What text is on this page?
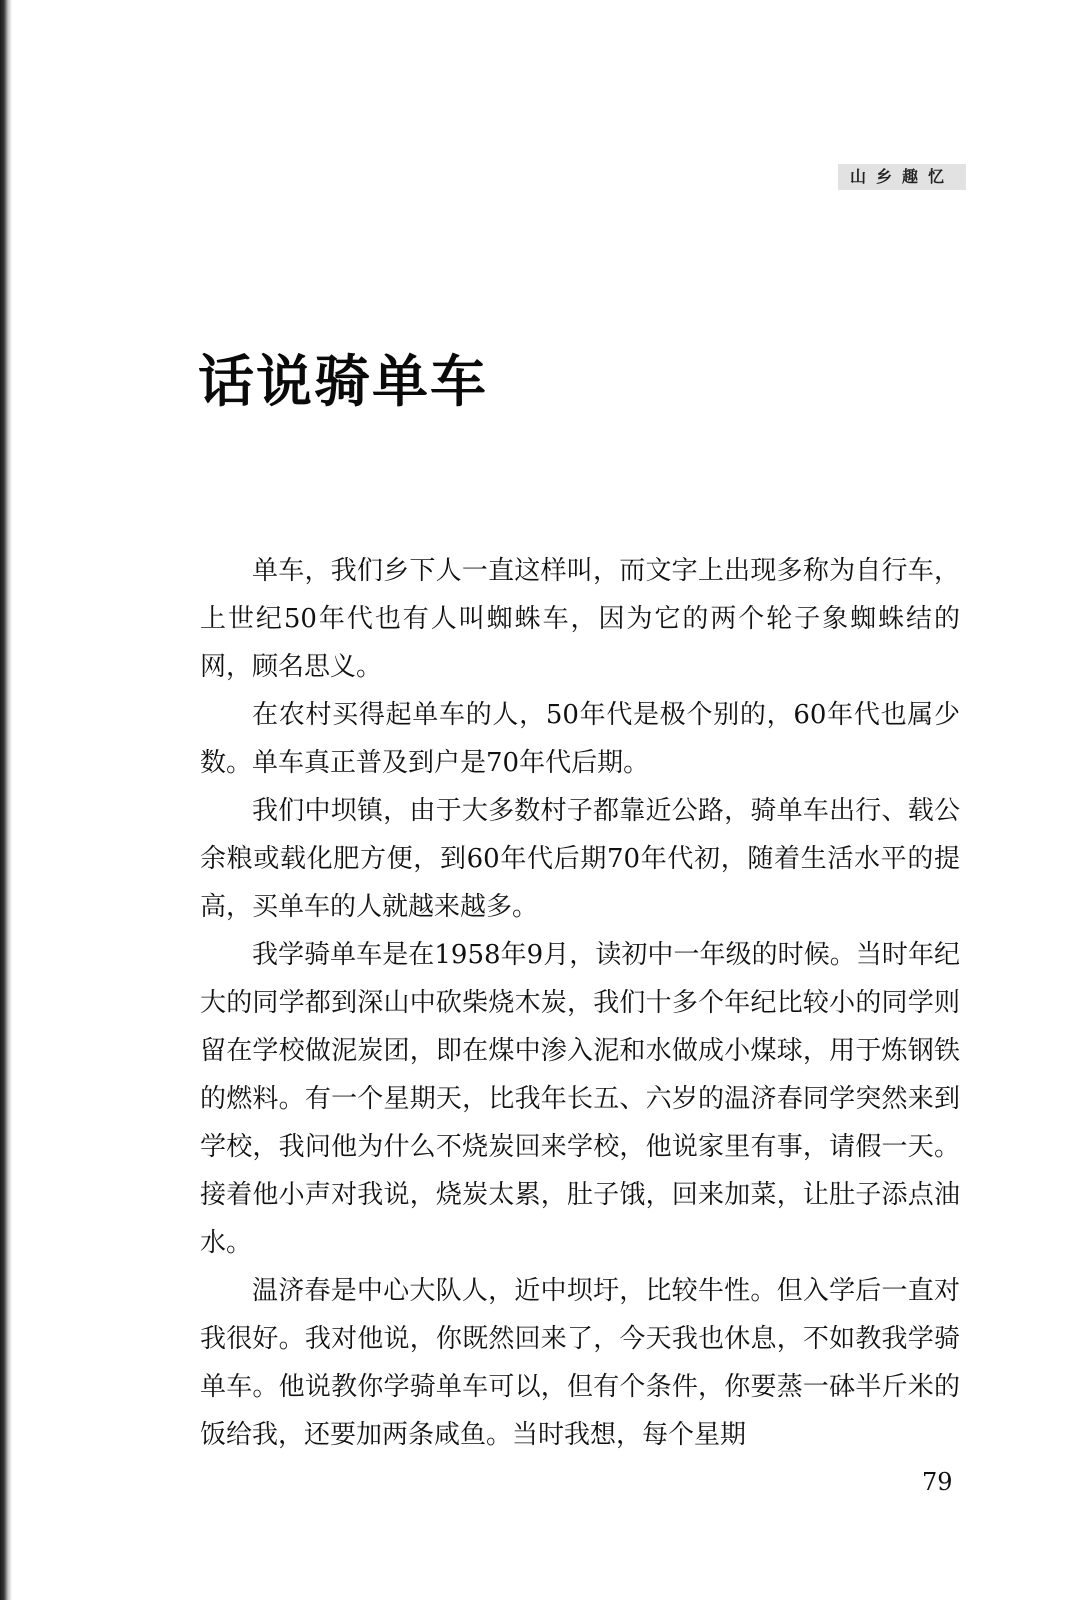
山乡趣忆
话说骑单车

单车，我们乡下人一直这样叫，而文字上出现多称为自行车，上世纪50年代也有人叫蜘蛛车，因为它的两个轮子象蜘蛛结的网，顾名思义。

在农村买得起单车的人，50年代是极个别的，60年代也属少数。单车真正普及到户是70年代后期。

我们中坝镇，由于大多数村子都靠近公路，骑单车出行、载公余粮或载化肥方便，到60年代后期70年代初，随着生活水平的提高，买单车的人就越来越多。

我学骑单车是在1958年9月，读初中一年级的时候。当时年纪大的同学都到深山中砍柴烧木炭，我们十多个年纪比较小的同学则留在学校做泥炭团，即在煤中渗入泥和水做成小煤球，用于炼钢铁的燃料。有一个星期天，比我年长五、六岁的温济春同学突然来到学校，我问他为什么不烧炭回来学校，他说家里有事，请假一天。接着他小声对我说，烧炭太累，肚子饿，回来加菜，让肚子添点油水。

温济春是中心大队人，近中坝圩，比较牛性。但入学后一直对我很好。我对他说，你既然回来了，今天我也休息，不如教我学骑单车。他说教你学骑单车可以，但有个条件，你要蒸一砵半斤米的饭给我，还要加两条咸鱼。当时我想，每个星期

79
